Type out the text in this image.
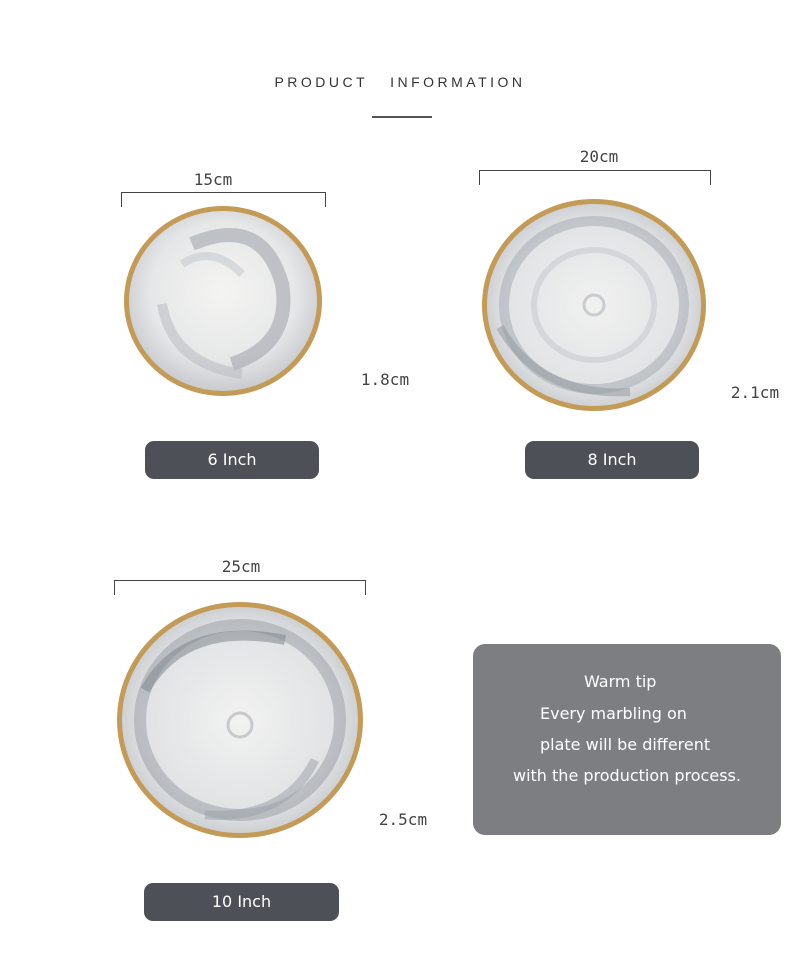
PRODUCT   INFORMATION
15cm
1.8cm
6 Inch
20cm
2.1cm
8 Inch
25cm
2.5cm
10 Inch
Warm tip
Every marbling on
plate will be different
with the production process.
